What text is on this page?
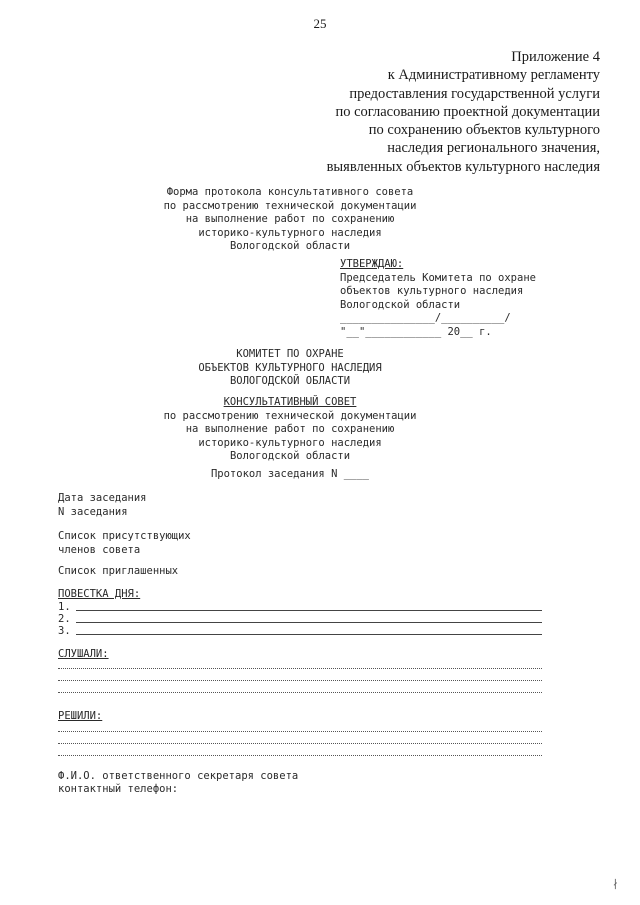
25
Приложение 4
к Административному регламенту
предоставления государственной услуги
по согласованию проектной документации
по сохранению объектов культурного
наследия регионального значения,
выявленных объектов культурного наследия
Форма протокола консультативного совета
по рассмотрению технической документации
на выполнение работ по сохранению
историко-культурного наследия
Вологодской области
УТВЕРЖДАЮ:
Председатель Комитета по охране
объектов культурного наследия
Вологодской области
_______________/__________/
"__"____________ 20__ г.
КОМИТЕТ ПО ОХРАНЕ
ОБЪЕКТОВ КУЛЬТУРНОГО НАСЛЕДИЯ
ВОЛОГОДСКОЙ ОБЛАСТИ
КОНСУЛЬТАТИВНЫЙ СОВЕТ
по рассмотрению технической документации
на выполнение работ по сохранению
историко-культурного наследия
Вологодской области
Протокол заседания N ____
Дата заседания
N заседания
Список присутствующих
членов совета
Список приглашенных
ПОВЕСТКА ДНЯ:
1.
2.
3.
СЛУШАЛИ:
РЕШИЛИ:
Ф.И.О. ответственного секретаря совета
контактный телефон:
∤
